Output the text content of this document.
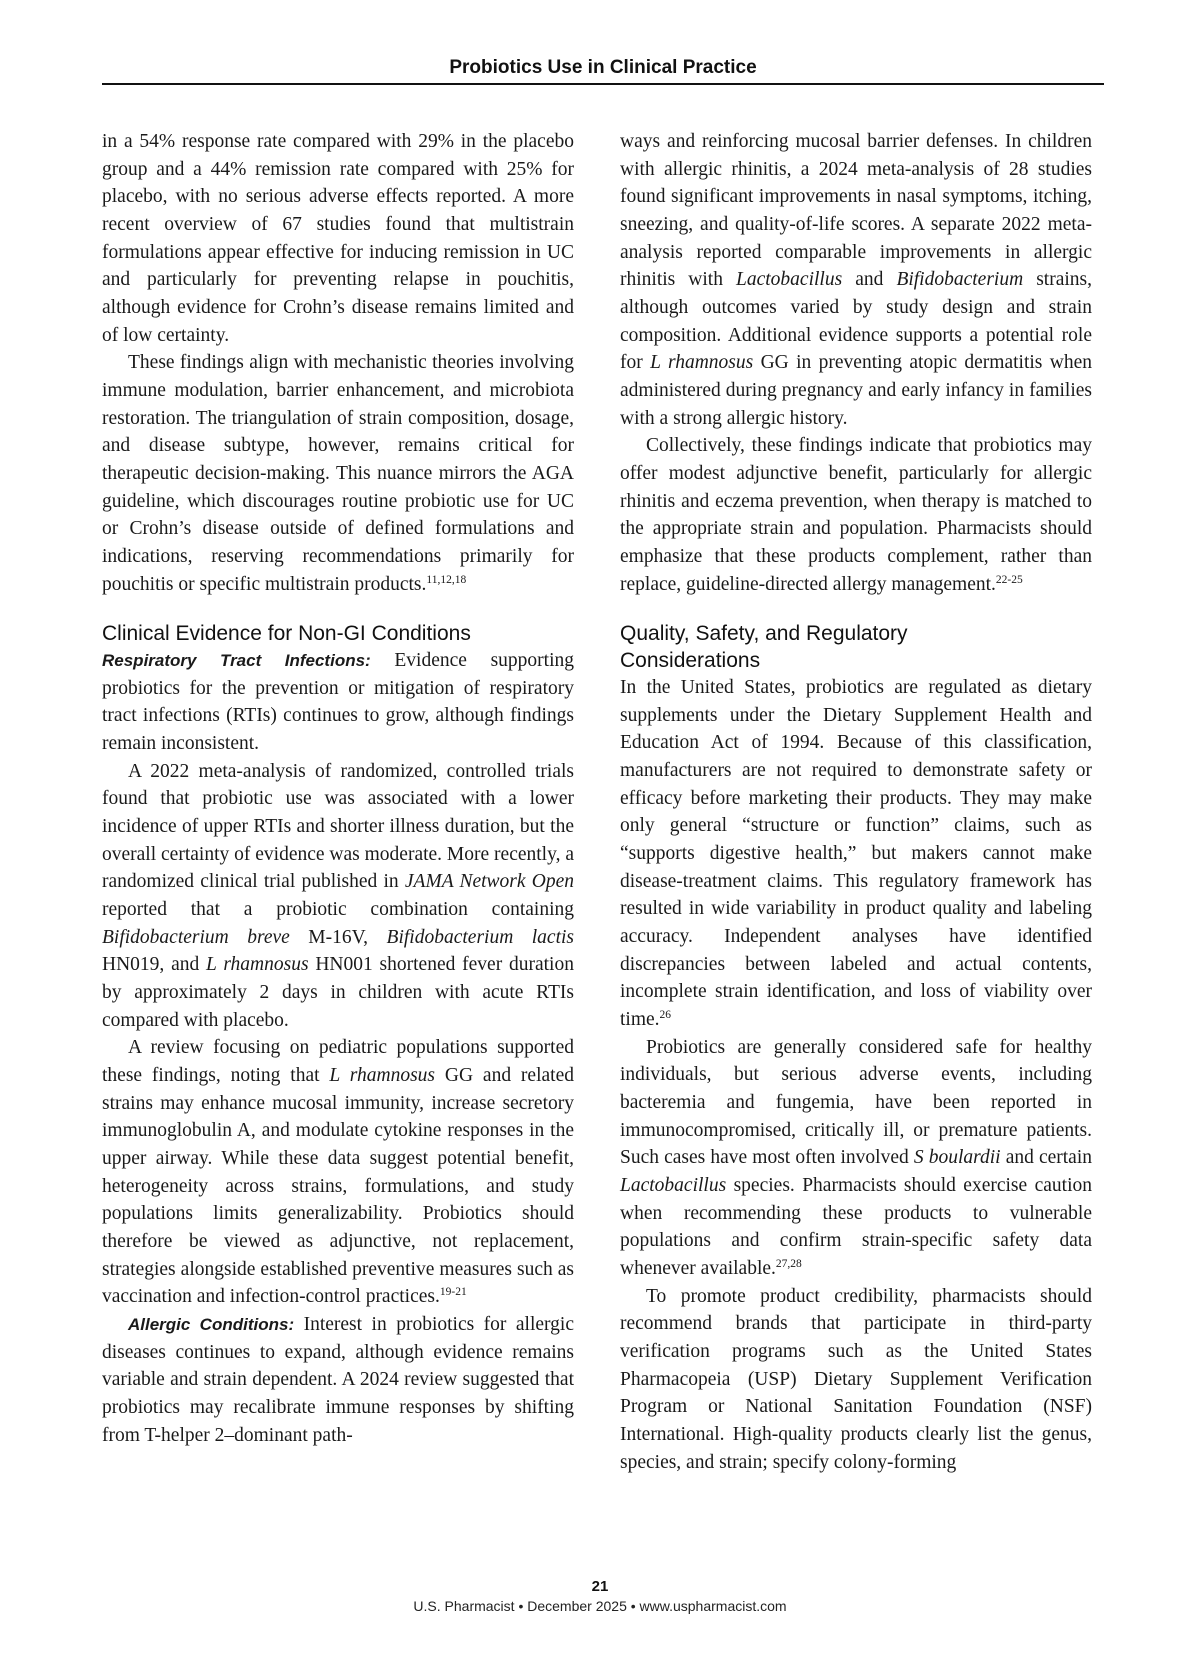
Probiotics Use in Clinical Practice

in a 54% response rate compared with 29% in the placebo group and a 44% remission rate compared with 25% for placebo, with no serious adverse effects reported. A more recent overview of 67 studies found that multistrain formulations appear effective for inducing remission in UC and particularly for preventing relapse in pouchitis, although evidence for Crohn’s disease remains limited and of low certainty.

These findings align with mechanistic theories involving immune modulation, barrier enhancement, and microbiota restoration. The triangulation of strain composition, dosage, and disease subtype, however, remains critical for therapeutic decision-making. This nuance mirrors the AGA guideline, which discourages routine probiotic use for UC or Crohn’s disease outside of defined formulations and indications, reserving recommendations primarily for pouchitis or specific multistrain products.$^{11,12,18}$

Clinical Evidence for Non-GI Conditions

Respiratory Tract Infections: Evidence supporting probiotics for the prevention or mitigation of respiratory tract infections (RTIs) continues to grow, although findings remain inconsistent.

A 2022 meta-analysis of randomized, controlled trials found that probiotic use was associated with a lower incidence of upper RTIs and shorter illness duration, but the overall certainty of evidence was moderate. More recently, a randomized clinical trial published in JAMA Network Open reported that a probiotic combination containing Bifidobacterium breve M-16V, Bifidobacterium lactis HN019, and L rhamnosus HN001 shortened fever duration by approximately 2 days in children with acute RTIs compared with placebo.

A review focusing on pediatric populations supported these findings, noting that L rhamnosus GG and related strains may enhance mucosal immunity, increase secretory immunoglobulin A, and modulate cytokine responses in the upper airway. While these data suggest potential benefit, heterogeneity across strains, formulations, and study populations limits generalizability. Probiotics should therefore be viewed as adjunctive, not replacement, strategies alongside established preventive measures such as vaccination and infection-control practices.$^{19-21}$

Allergic Conditions: Interest in probiotics for allergic diseases continues to expand, although evidence remains variable and strain dependent. A 2024 review suggested that probiotics may recalibrate immune responses by shifting from T-helper 2–dominant path-

ways and reinforcing mucosal barrier defenses. In children with allergic rhinitis, a 2024 meta-analysis of 28 studies found significant improvements in nasal symptoms, itching, sneezing, and quality-of-life scores. A separate 2022 meta-analysis reported comparable improvements in allergic rhinitis with Lactobacillus and Bifidobacterium strains, although outcomes varied by study design and strain composition. Additional evidence supports a potential role for L rhamnosus GG in preventing atopic dermatitis when administered during pregnancy and early infancy in families with a strong allergic history.

Collectively, these findings indicate that probiotics may offer modest adjunctive benefit, particularly for allergic rhinitis and eczema prevention, when therapy is matched to the appropriate strain and population. Pharmacists should emphasize that these products complement, rather than replace, guideline-directed allergy management.$^{22-25}$

Quality, Safety, and Regulatory
Considerations

In the United States, probiotics are regulated as dietary supplements under the Dietary Supplement Health and Education Act of 1994. Because of this classification, manufacturers are not required to demonstrate safety or efficacy before marketing their products. They may make only general “structure or function” claims, such as “supports digestive health,” but makers cannot make disease-treatment claims. This regulatory framework has resulted in wide variability in product quality and labeling accuracy. Independent analyses have identified discrepancies between labeled and actual contents, incomplete strain identification, and loss of viability over time.$^{26}$

Probiotics are generally considered safe for healthy individuals, but serious adverse events, including bacteremia and fungemia, have been reported in immunocompromised, critically ill, or premature patients. Such cases have most often involved S boulardii and certain Lactobacillus species. Pharmacists should exercise caution when recommending these products to vulnerable populations and confirm strain-specific safety data whenever available.$^{27,28}$

To promote product credibility, pharmacists should recommend brands that participate in third-party verification programs such as the United States Pharmacopeia (USP) Dietary Supplement Verification Program or National Sanitation Foundation (NSF) International. High-quality products clearly list the genus, species, and strain; specify colony-forming

21
U.S. Pharmacist • December 2025 • www.uspharmacist.com
